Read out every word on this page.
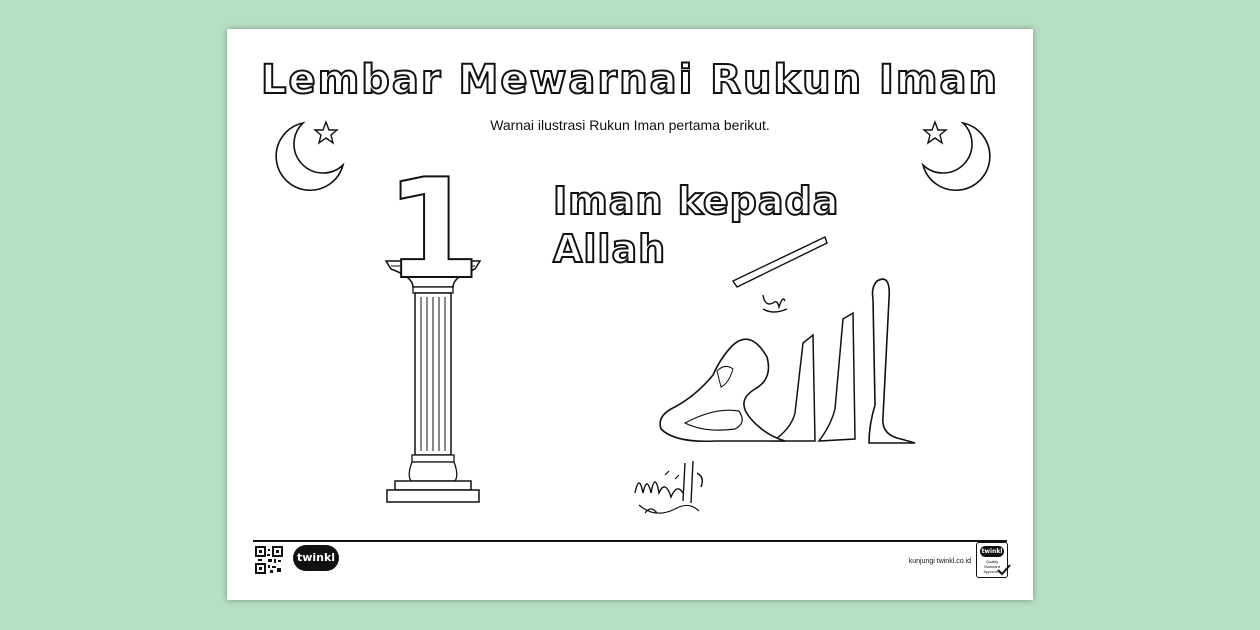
Lembar Mewarnai Rukun Iman
Warnai ilustrasi Rukun Iman pertama berikut.
1 Iman kepada
Allah
twinkl	kunjungi twinkl.co.id
twinkl
Quality Standard Approved
